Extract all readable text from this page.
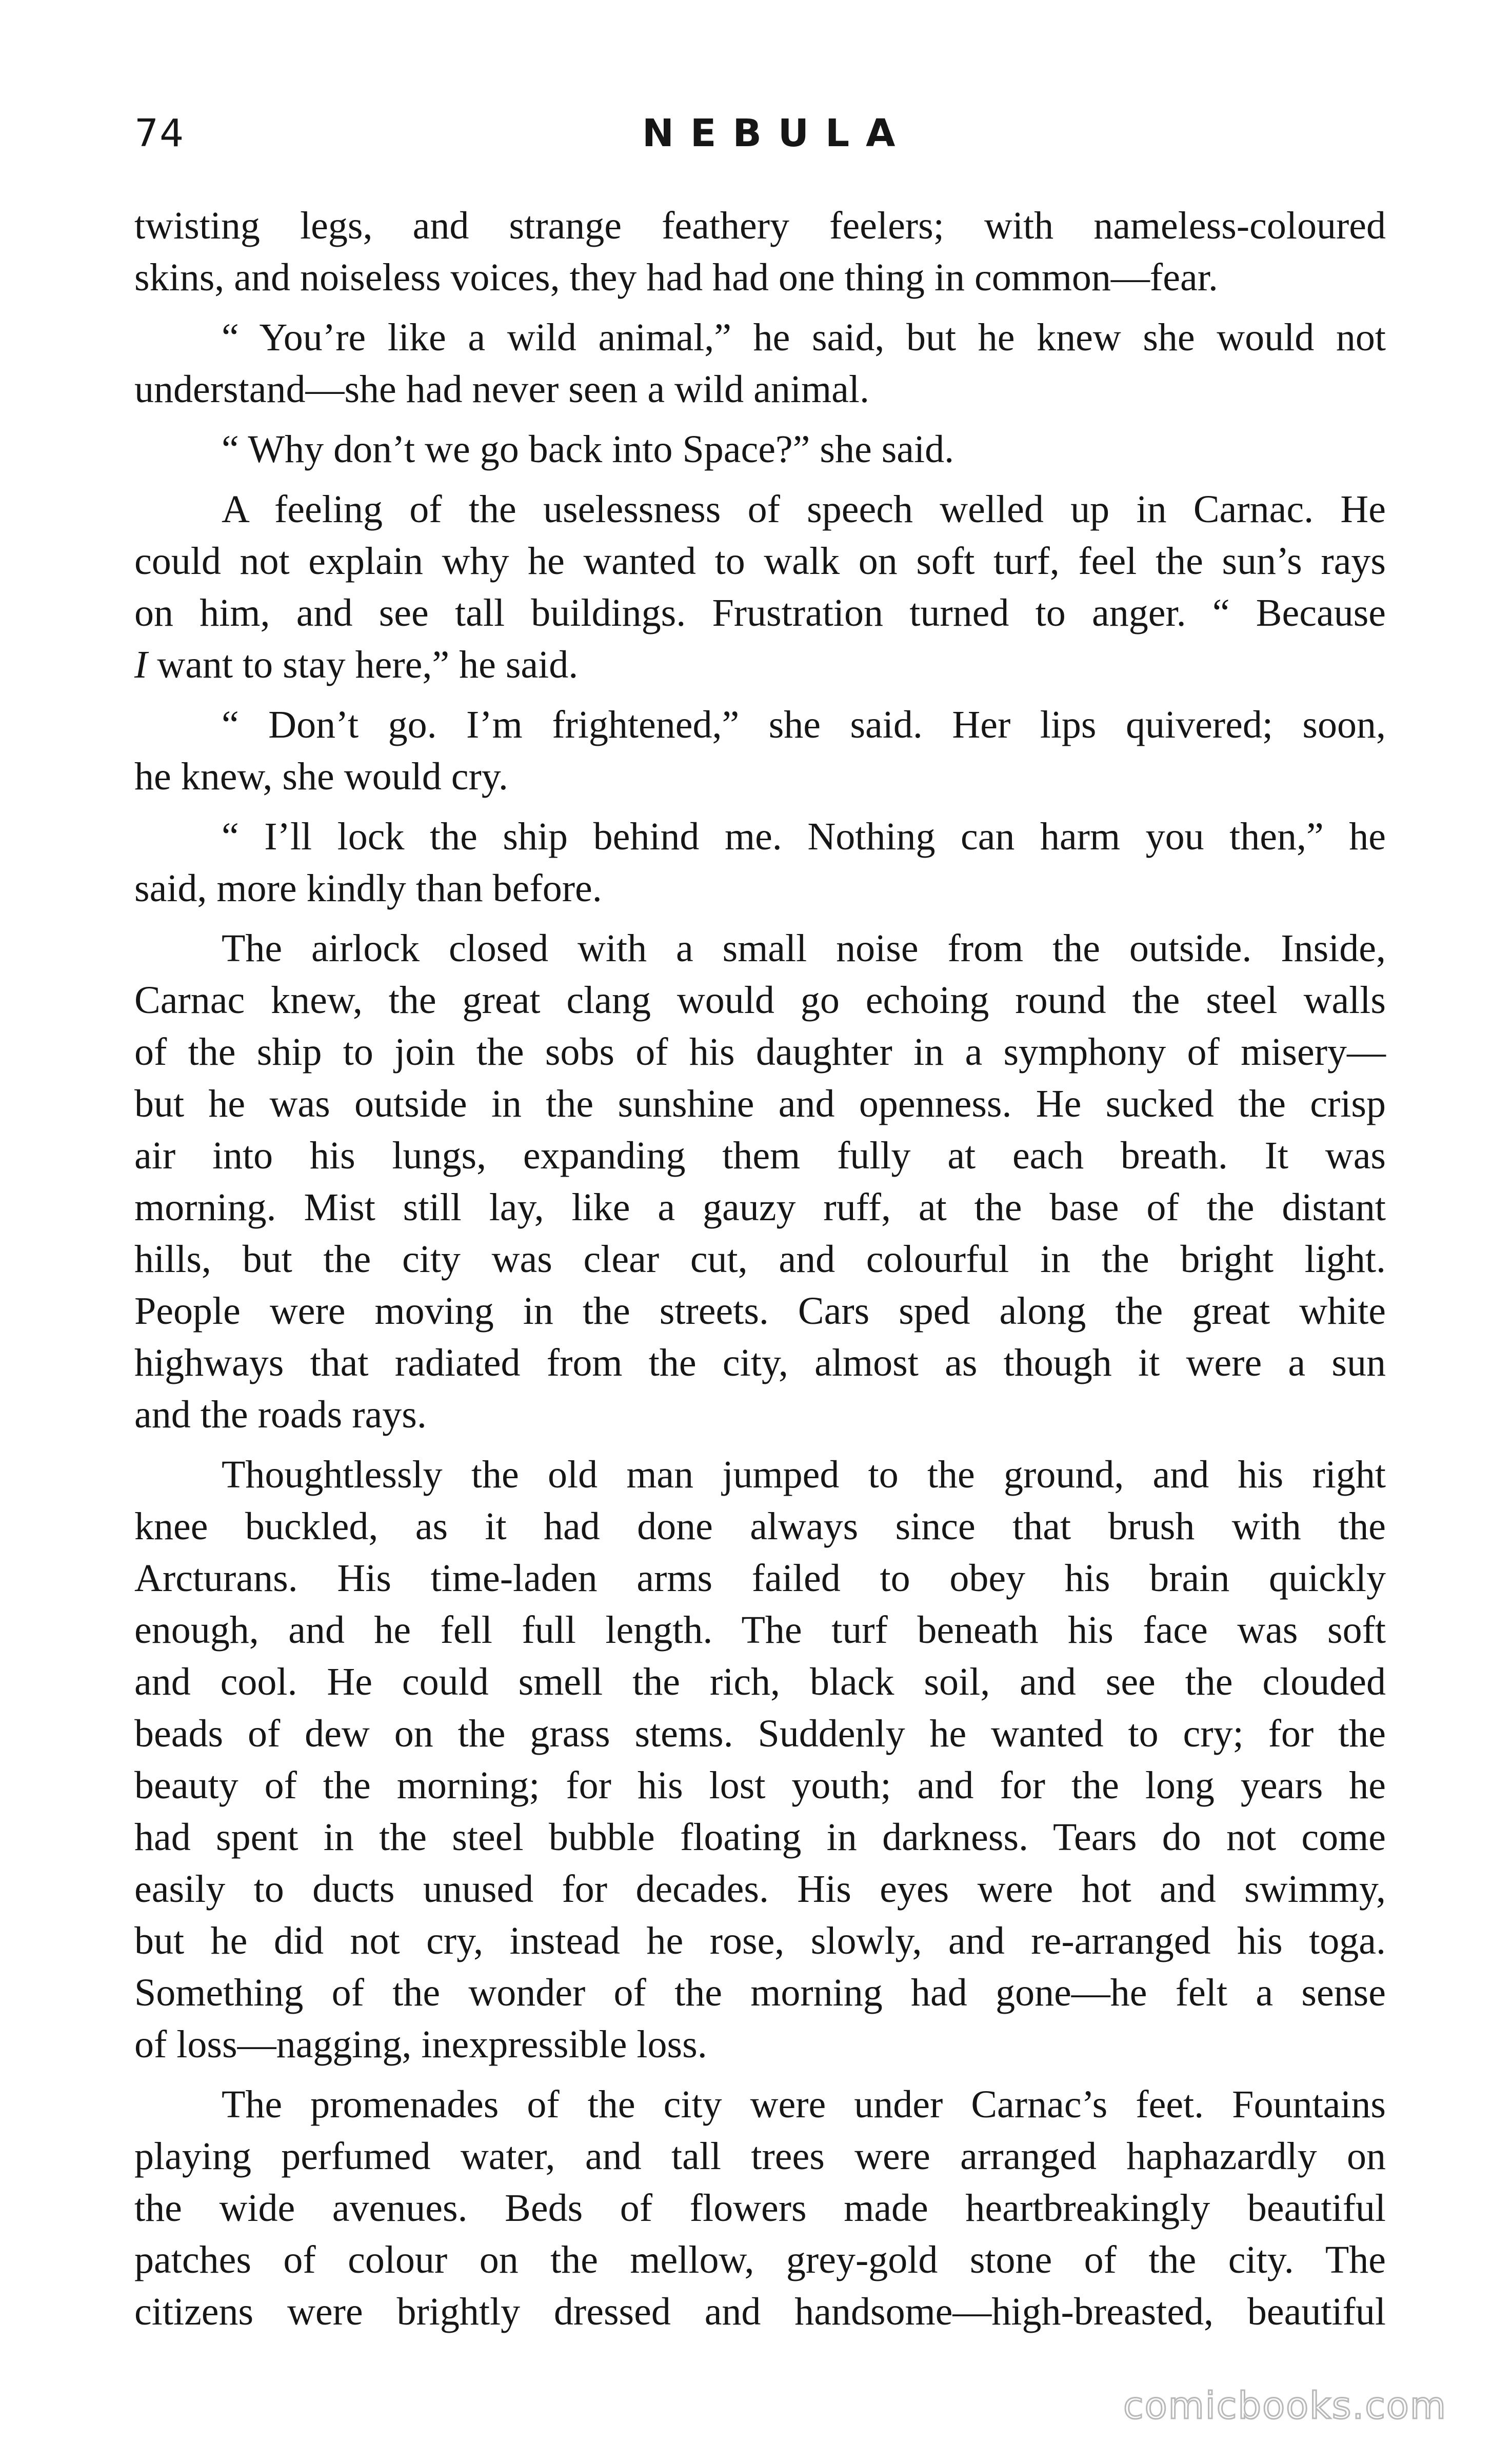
74	NEBULA
twisting legs, and strange feathery feelers; with nameless-coloured
skins, and noiseless voices, they had had one thing in common—fear.
“ You’re like a wild animal,” he said, but he knew she would not
understand—she had never seen a wild animal.
“ Why don’t we go back into Space?” she said.
A feeling of the uselessness of speech welled up in Carnac. He
could not explain why he wanted to walk on soft turf, feel the sun’s rays
on him, and see tall buildings. Frustration turned to anger. “ Because
I want to stay here,” he said.
“ Don’t go. I’m frightened,” she said. Her lips quivered; soon,
he knew, she would cry.
“ I’ll lock the ship behind me. Nothing can harm you then,” he
said, more kindly than before.
The airlock closed with a small noise from the outside. Inside,
Carnac knew, the great clang would go echoing round the steel walls
of the ship to join the sobs of his daughter in a symphony of misery—
but he was outside in the sunshine and openness. He sucked the crisp
air into his lungs, expanding them fully at each breath. It was
morning. Mist still lay, like a gauzy ruff, at the base of the distant
hills, but the city was clear cut, and colourful in the bright light.
People were moving in the streets. Cars sped along the great white
highways that radiated from the city, almost as though it were a sun
and the roads rays.
Thoughtlessly the old man jumped to the ground, and his right
knee buckled, as it had done always since that brush with the
Arcturans. His time-laden arms failed to obey his brain quickly
enough, and he fell full length. The turf beneath his face was soft
and cool. He could smell the rich, black soil, and see the clouded
beads of dew on the grass stems. Suddenly he wanted to cry; for the
beauty of the morning; for his lost youth; and for the long years he
had spent in the steel bubble floating in darkness. Tears do not come
easily to ducts unused for decades. His eyes were hot and swimmy,
but he did not cry, instead he rose, slowly, and re-arranged his toga.
Something of the wonder of the morning had gone—he felt a sense
of loss—nagging, inexpressible loss.
The promenades of the city were under Carnac’s feet. Fountains
playing perfumed water, and tall trees were arranged haphazardly on
the wide avenues. Beds of flowers made heartbreakingly beautiful
patches of colour on the mellow, grey-gold stone of the city. The
citizens were brightly dressed and handsome—high-breasted, beautiful
comicbooks.com
